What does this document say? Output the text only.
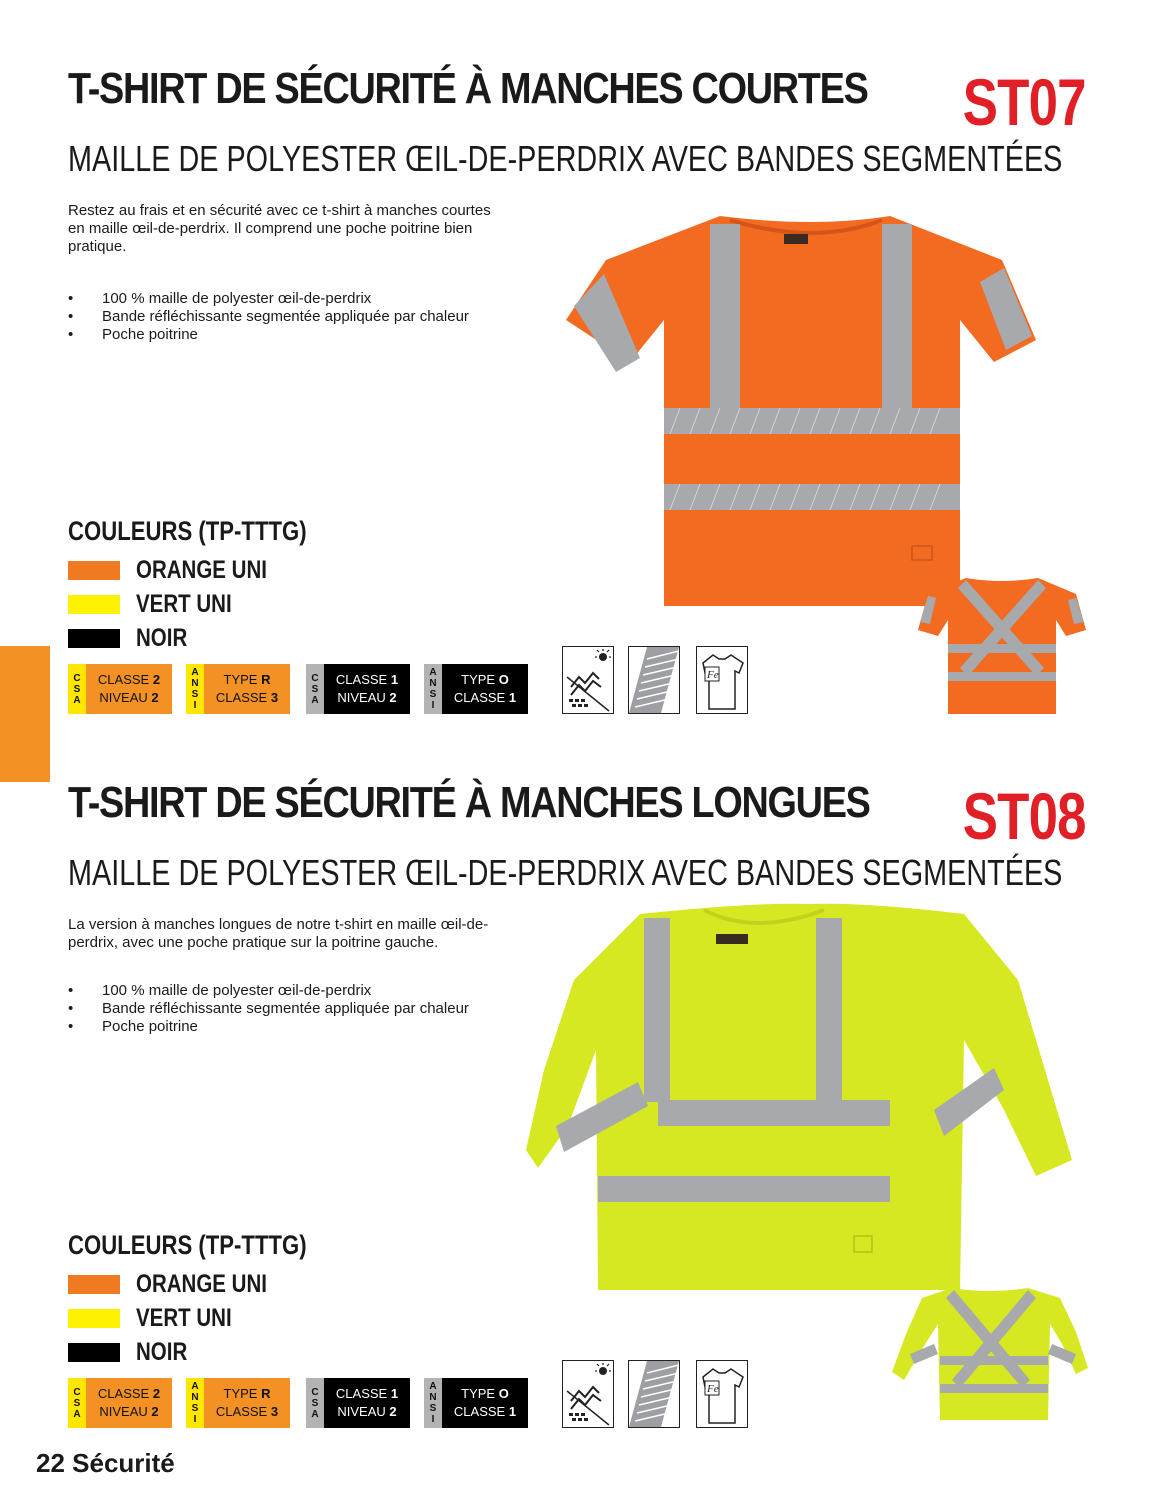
T-SHIRT DE SÉCURITÉ À MANCHES COURTES ST07
MAILLE DE POLYESTER ŒIL-DE-PERDRIX AVEC BANDES SEGMENTÉES
Restez au frais et en sécurité avec ce t-shirt à manches courtes en maille œil-de-perdrix. Il comprend une poche poitrine bien pratique.
• 100 % maille de polyester œil-de-perdrix
• Bande réfléchissante segmentée appliquée par chaleur
• Poche poitrine
COULEURS (TP-TTTG)
ORANGE UNI
VERT UNI
NOIR
C
S
A
CLASSE 2
NIVEAU 2
A
N
S
I
TYPE R
CLASSE 3
C
S
A
CLASSE 1
NIVEAU 2
A
N
S
I
TYPE O
CLASSE 1
Fe
T-SHIRT DE SÉCURITÉ À MANCHES LONGUES ST08
MAILLE DE POLYESTER ŒIL-DE-PERDRIX AVEC BANDES SEGMENTÉES
La version à manches longues de notre t-shirt en maille œil-de-perdrix, avec une poche pratique sur la poitrine gauche.
• 100 % maille de polyester œil-de-perdrix
• Bande réfléchissante segmentée appliquée par chaleur
• Poche poitrine
COULEURS (TP-TTTG)
ORANGE UNI
VERT UNI
NOIR
C
S
A
CLASSE 2
NIVEAU 2
A
N
S
I
TYPE R
CLASSE 3
C
S
A
CLASSE 1
NIVEAU 2
A
N
S
I
TYPE O
CLASSE 1
Fe
22 Sécurité
